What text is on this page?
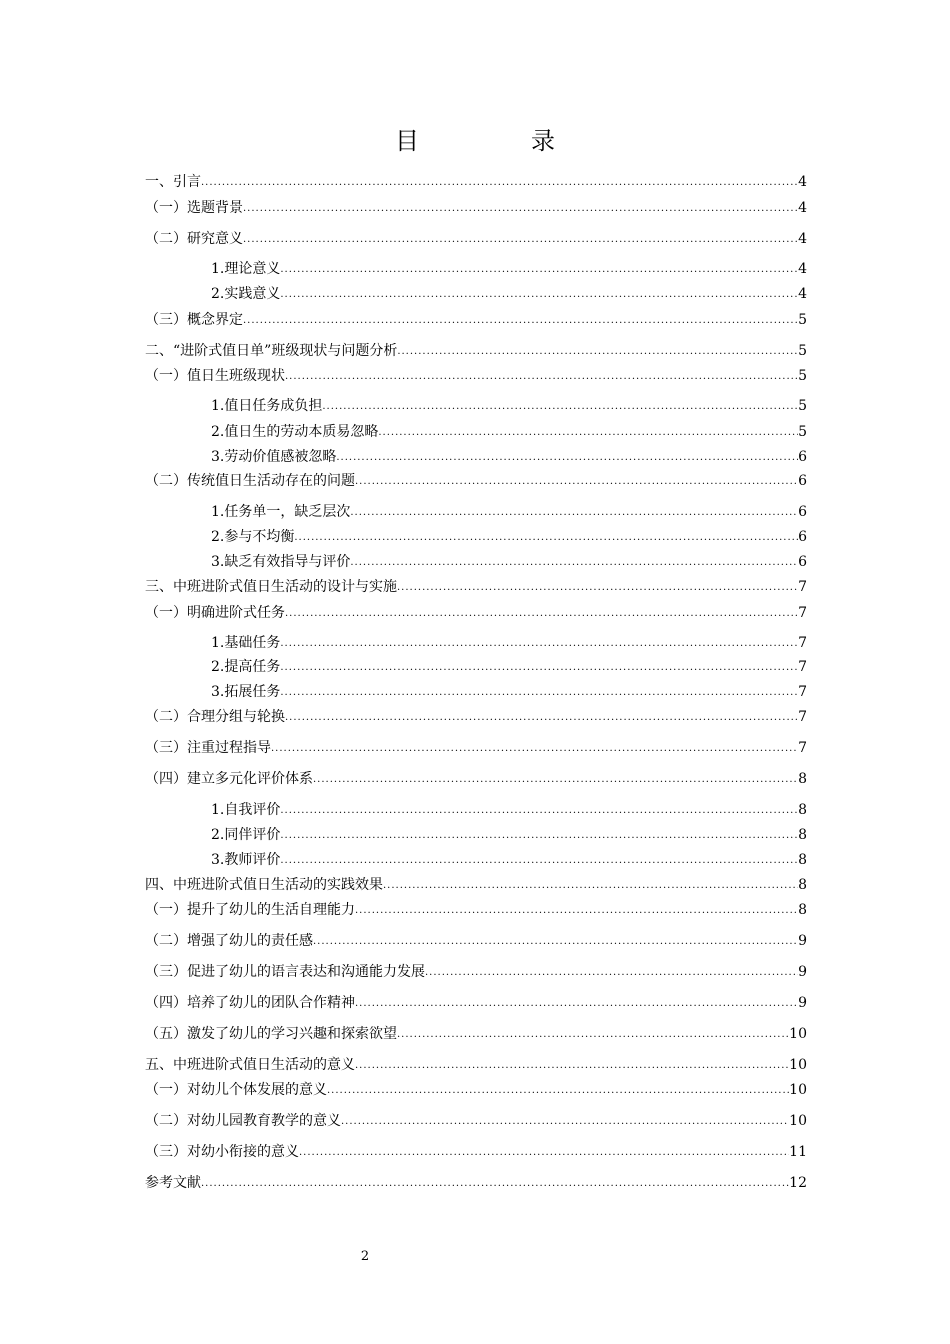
目　录
一、引言 .....	4
（一）选题背景 .....	4
（二）研究意义 .....	4
1.理论意义 .....	4
2.实践意义 .....	4
（三）概念界定 .....	5
二、“进阶式值日单”班级现状与问题分析 .....	5
（一）值日生班级现状 .....	5
1.值日任务成负担 .....	5
2.值日生的劳动本质易忽略 .....	5
3.劳动价值感被忽略 .....	6
（二）传统值日生活动存在的问题 .....	6
1.任务单一，缺乏层次 .....	6
2.参与不均衡 .....	6
3.缺乏有效指导与评价 .....	6
三、中班进阶式值日生活动的设计与实施 .....	7
（一）明确进阶式任务 .....	7
1.基础任务 .....	7
2.提高任务 .....	7
3.拓展任务 .....	7
（二）合理分组与轮换 .....	7
（三）注重过程指导 .....	7
（四）建立多元化评价体系 .....	8
1.自我评价 .....	8
2.同伴评价 .....	8
3.教师评价 .....	8
四、中班进阶式值日生活动的实践效果 .....	8
（一）提升了幼儿的生活自理能力 .....	8
（二）增强了幼儿的责任感 .....	9
（三）促进了幼儿的语言表达和沟通能力发展 .....	9
（四）培养了幼儿的团队合作精神 .....	9
（五）激发了幼儿的学习兴趣和探索欲望 .....	10
五、中班进阶式值日生活动的意义 .....	10
（一）对幼儿个体发展的意义 .....	10
（二）对幼儿园教育教学的意义 .....	10
（三）对幼小衔接的意义 .....	11
参考文献 .....	12
2
